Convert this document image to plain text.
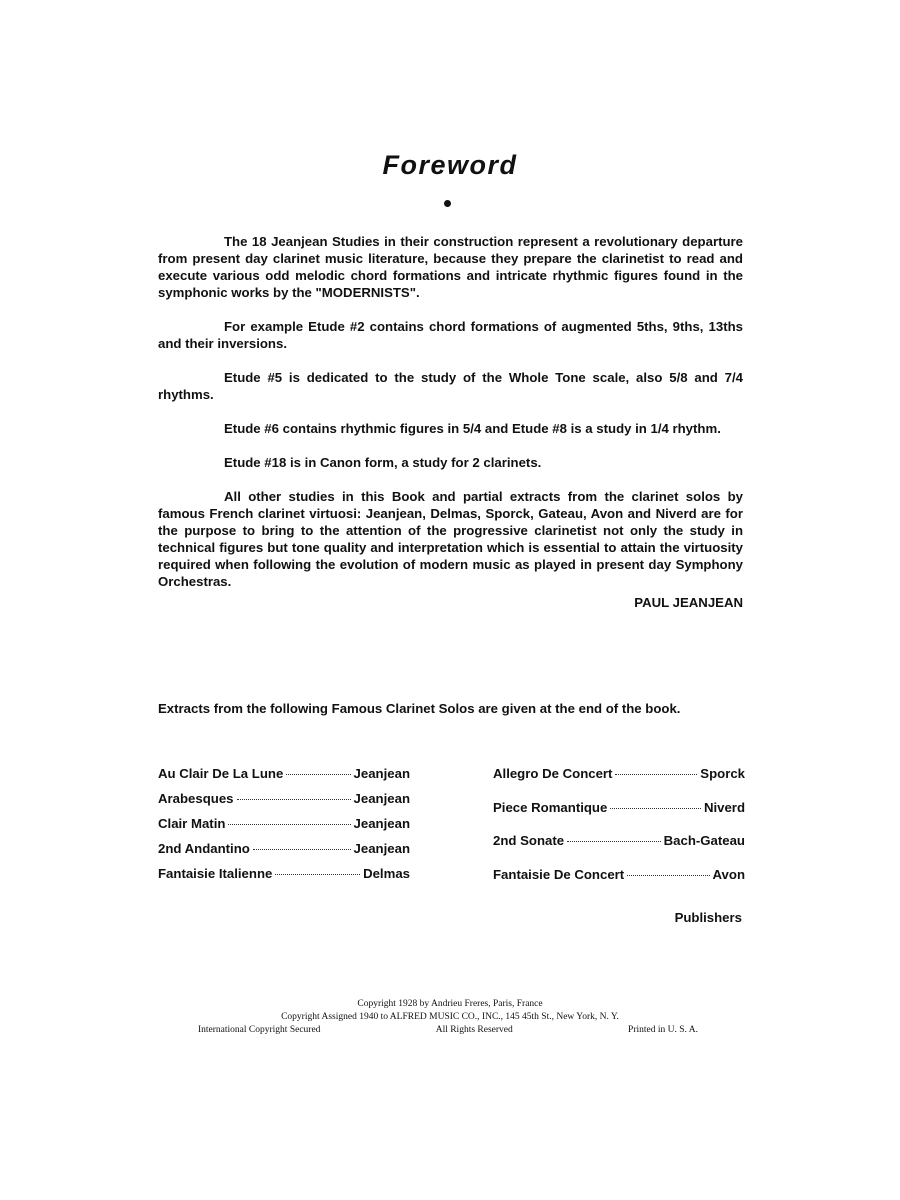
Foreword

The 18 Jeanjean Studies in their construction represent a revolutionary departure from present day clarinet music literature, because they prepare the clarinetist to read and execute various odd melodic chord formations and intricate rhythmic figures found in the symphonic works by the "MODERNISTS".

For example Etude #2 contains chord formations of augmented 5ths, 9ths, 13ths and their inversions.

Etude #5 is dedicated to the study of the Whole Tone scale, also 5/8 and 7/4 rhythms.

Etude #6 contains rhythmic figures in 5/4 and Etude #8 is a study in 1/4 rhythm.

Etude #18 is in Canon form, a study for 2 clarinets.

All other studies in this Book and partial extracts from the clarinet solos by famous French clarinet virtuosi: Jeanjean, Delmas, Sporck, Gateau, Avon and Niverd are for the purpose to bring to the attention of the progressive clarinetist not only the study in technical figures but tone quality and interpretation which is essential to attain the virtuosity required when following the evolution of modern music as played in present day Symphony Orchestras.

PAUL JEANJEAN

Extracts from the following Famous Clarinet Solos are given at the end of the book.
Au Clair De La Lune	Jeanjean
Arabesques	Jeanjean
Clair Matin	Jeanjean
2nd Andantino	Jeanjean
Fantaisie Italienne	Delmas
Allegro De Concert	Sporck
Piece Romantique	Niverd
2nd Sonate	Bach-Gateau
Fantaisie De Concert	Avon
Publishers
Copyright 1928 by Andrieu Freres, Paris, France
Copyright Assigned 1940 to ALFRED MUSIC CO., INC., 145 45th St., New York, N. Y.
International Copyright Secured	All Rights Reserved	Printed in U. S. A.
